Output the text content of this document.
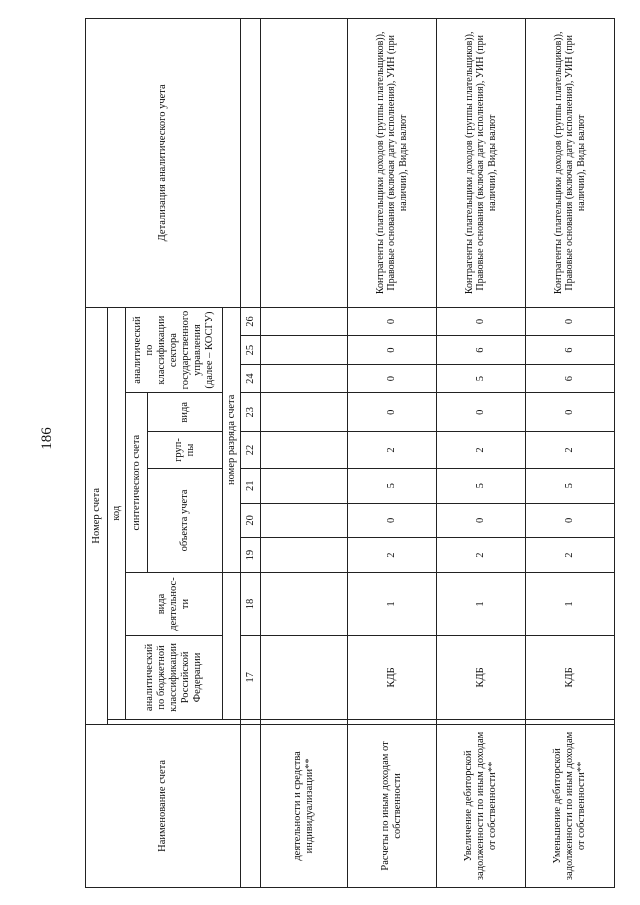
186
Наименование счета	Номер счета											Детализация аналитического учета
		код										
		аналитический по бюджетной классификации Российской Федерации	вида деятельнос-ти	синтетического счета					аналитический по классификации сектора государственного управления (далее – КОСГУ)			
				объекта учета			груп-пы	вида				
				номер разряда счета								
		17	18	19	20	21	22	23	24	25	26	
деятельности и средства индивидуализации**												
Расчеты по иным доходам от собственности		КДБ	1	2	0	5	2	0	0	0	0	Контрагенты (плательщики доходов (группы плательщиков)), Правовые основания (включая дату исполнения), УИН (при наличии), Виды валют
Увеличение дебиторской задолженности по иным доходам от собственности**		КДБ	1	2	0	5	2	0	5	6	0	Контрагенты (плательщики доходов (группы плательщиков)), Правовые основания (включая дату исполнения), УИН (при наличии), Виды валют
Уменьшение дебиторской задолженности по иным доходам от собственности**		КДБ	1	2	0	5	2	0	6	6	0	Контрагенты (плательщики доходов (группы плательщиков)), Правовые основания (включая дату исполнения), УИН (при наличии), Виды валют
